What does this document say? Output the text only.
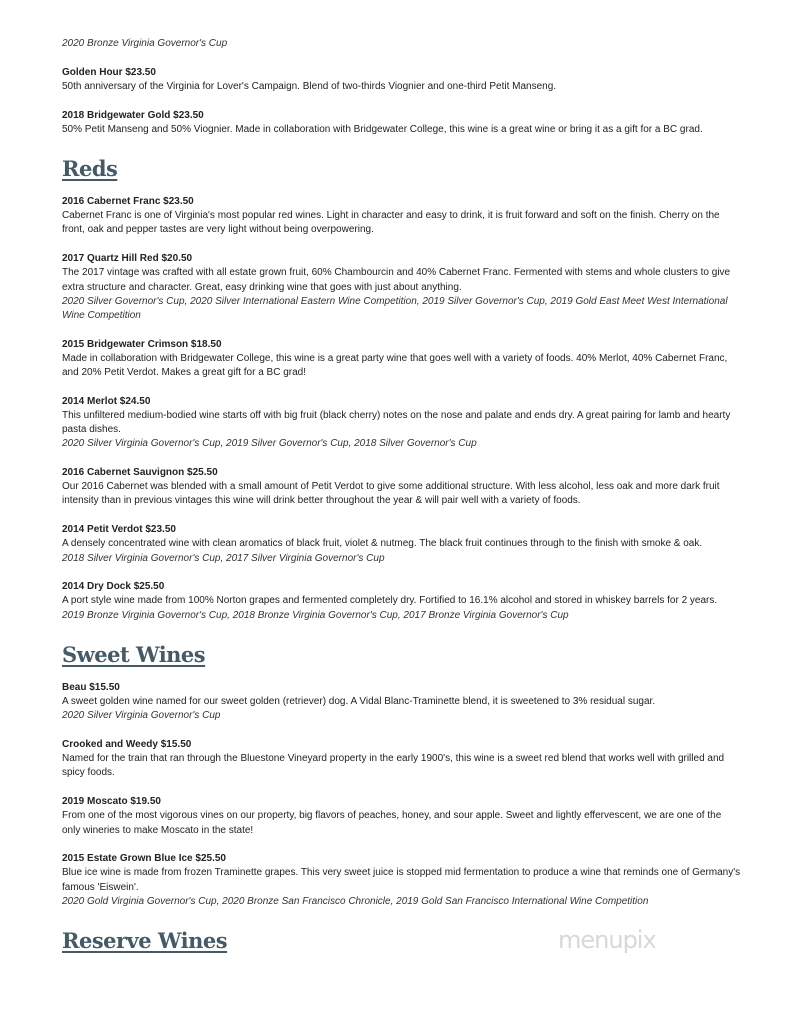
2020 Bronze Virginia Governor's Cup
Golden Hour $23.50
50th anniversary of the Virginia for Lover's Campaign. Blend of two-thirds Viognier and one-third Petit Manseng.
2018 Bridgewater Gold $23.50
50% Petit Manseng and 50% Viognier. Made in collaboration with Bridgewater College, this wine is a great wine or bring it as a gift for a BC grad.
Reds
2016 Cabernet Franc $23.50
Cabernet Franc is one of Virginia's most popular red wines. Light in character and easy to drink, it is fruit forward and soft on the finish. Cherry on the front, oak and pepper tastes are very light without being overpowering.
2017 Quartz Hill Red $20.50
The 2017 vintage was crafted with all estate grown fruit, 60% Chambourcin and 40% Cabernet Franc. Fermented with stems and whole clusters to give extra structure and character. Great, easy drinking wine that goes with just about anything.
2020 Silver Governor's Cup, 2020 Silver International Eastern Wine Competition, 2019 Silver Governor's Cup, 2019 Gold East Meet West International Wine Competition
2015 Bridgewater Crimson $18.50
Made in collaboration with Bridgewater College, this wine is a great party wine that goes well with a variety of foods. 40% Merlot, 40% Cabernet Franc, and 20% Petit Verdot. Makes a great gift for a BC grad!
2014 Merlot $24.50
This unfiltered medium-bodied wine starts off with big fruit (black cherry) notes on the nose and palate and ends dry. A great pairing for lamb and hearty pasta dishes.
2020 Silver Virginia Governor's Cup, 2019 Silver Governor's Cup, 2018 Silver Governor's Cup
2016 Cabernet Sauvignon $25.50
Our 2016 Cabernet was blended with a small amount of Petit Verdot to give some additional structure. With less alcohol, less oak and more dark fruit intensity than in previous vintages this wine will drink better throughout the year & will pair well with a variety of foods.
2014 Petit Verdot $23.50
A densely concentrated wine with clean aromatics of black fruit, violet & nutmeg. The black fruit continues through to the finish with smoke & oak.
2018 Silver Virginia Governor's Cup, 2017 Silver Virginia Governor's Cup
2014 Dry Dock $25.50
A port style wine made from 100% Norton grapes and fermented completely dry. Fortified to 16.1% alcohol and stored in whiskey barrels for 2 years.
2019 Bronze Virginia Governor's Cup, 2018 Bronze Virginia Governor's Cup, 2017 Bronze Virginia Governor's Cup
Sweet Wines
Beau $15.50
A sweet golden wine named for our sweet golden (retriever) dog. A Vidal Blanc-Traminette blend, it is sweetened to 3% residual sugar.
2020 Silver Virginia Governor's Cup
Crooked and Weedy $15.50
Named for the train that ran through the Bluestone Vineyard property in the early 1900's, this wine is a sweet red blend that works well with grilled and spicy foods.
2019 Moscato $19.50
From one of the most vigorous vines on our property, big flavors of peaches, honey, and sour apple. Sweet and lightly effervescent, we are one of the only wineries to make Moscato in the state!
2015 Estate Grown Blue Ice $25.50
Blue ice wine is made from frozen Traminette grapes. This very sweet juice is stopped mid fermentation to produce a wine that reminds one of Germany's famous 'Eiswein'.
2020 Gold Virginia Governor's Cup, 2020 Bronze San Francisco Chronicle, 2019 Gold San Francisco International Wine Competition
Reserve Wines	menupix
